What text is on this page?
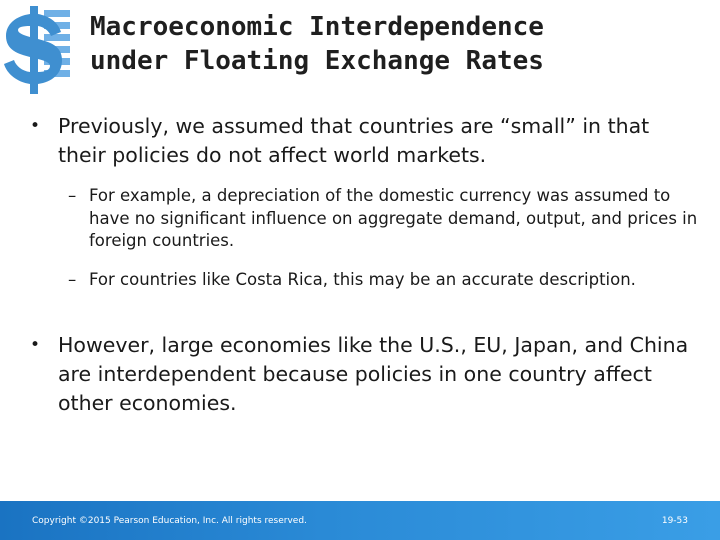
Macroeconomic Interdependence
under Floating Exchange Rates
• Previously, we assumed that countries are “small” in that their policies do not affect world markets.
– For example, a depreciation of the domestic currency was assumed to have no significant influence on aggregate demand, output, and prices in foreign countries.
– For countries like Costa Rica, this may be an accurate description.
• However, large economies like the U.S., EU, Japan, and China are interdependent because policies in one country affect other economies.
Copyright ©2015 Pearson Education, Inc. All rights reserved.	19-53
